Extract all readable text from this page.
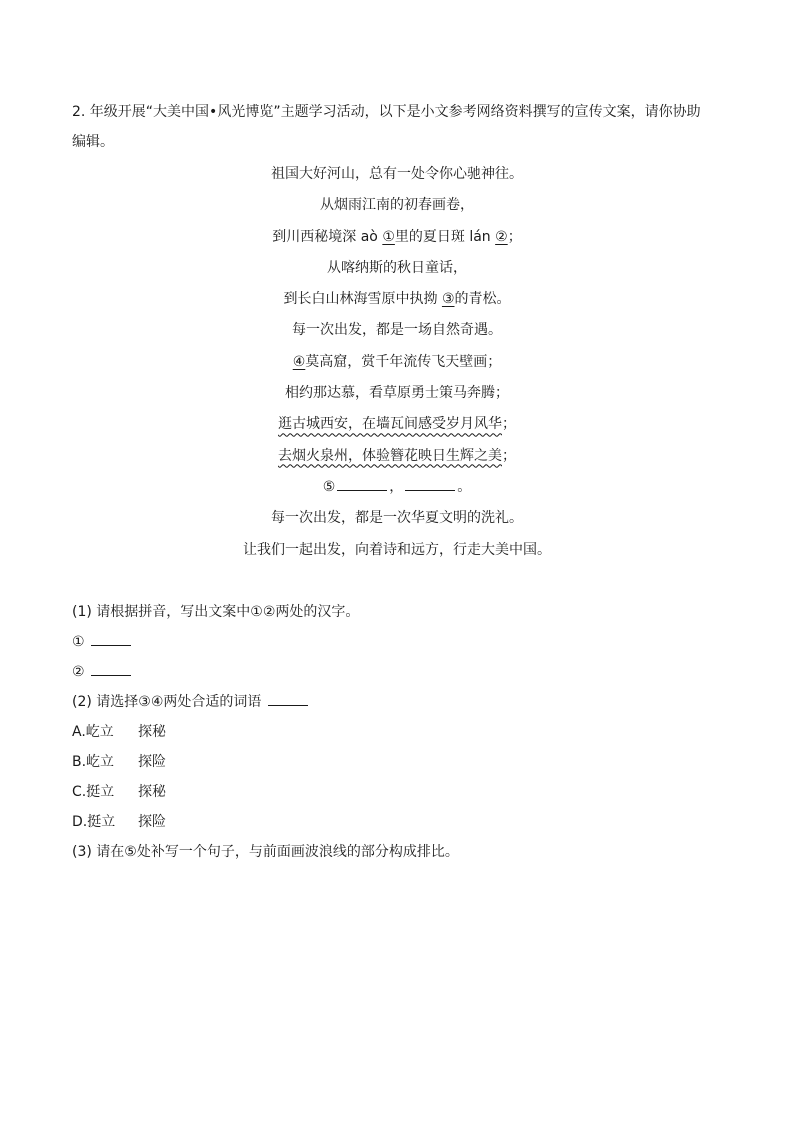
2. 年级开展“大美中国•风光博览”主题学习活动，以下是小文参考网络资料撰写的宣传文案，请你协助
编辑。
祖国大好河山，总有一处令你心驰神往。
从烟雨江南的初春画卷，
到川西秘境深 aò ①里的夏日斑 lán ②；
从喀纳斯的秋日童话，
到长白山林海雪原中执拗 ③的青松。
每一次出发，都是一场自然奇遇。
④莫高窟，赏千年流传飞天壁画；
相约那达慕，看草原勇士策马奔腾；
逛古城西安，在墙瓦间感受岁月风华；
去烟火泉州，体验簪花映日生辉之美；
⑤	，	。
每一次出发，都是一次华夏文明的洗礼。
让我们一起出发，向着诗和远方，行走大美中国。
(1) 请根据拼音，写出文案中①②两处的汉字。
①
②
(2) 请选择③④两处合适的词语
A.屹立 探秘
B.屹立 探险
C.挺立 探秘
D.挺立 探险
(3) 请在⑤处补写一个句子，与前面画波浪线的部分构成排比。
